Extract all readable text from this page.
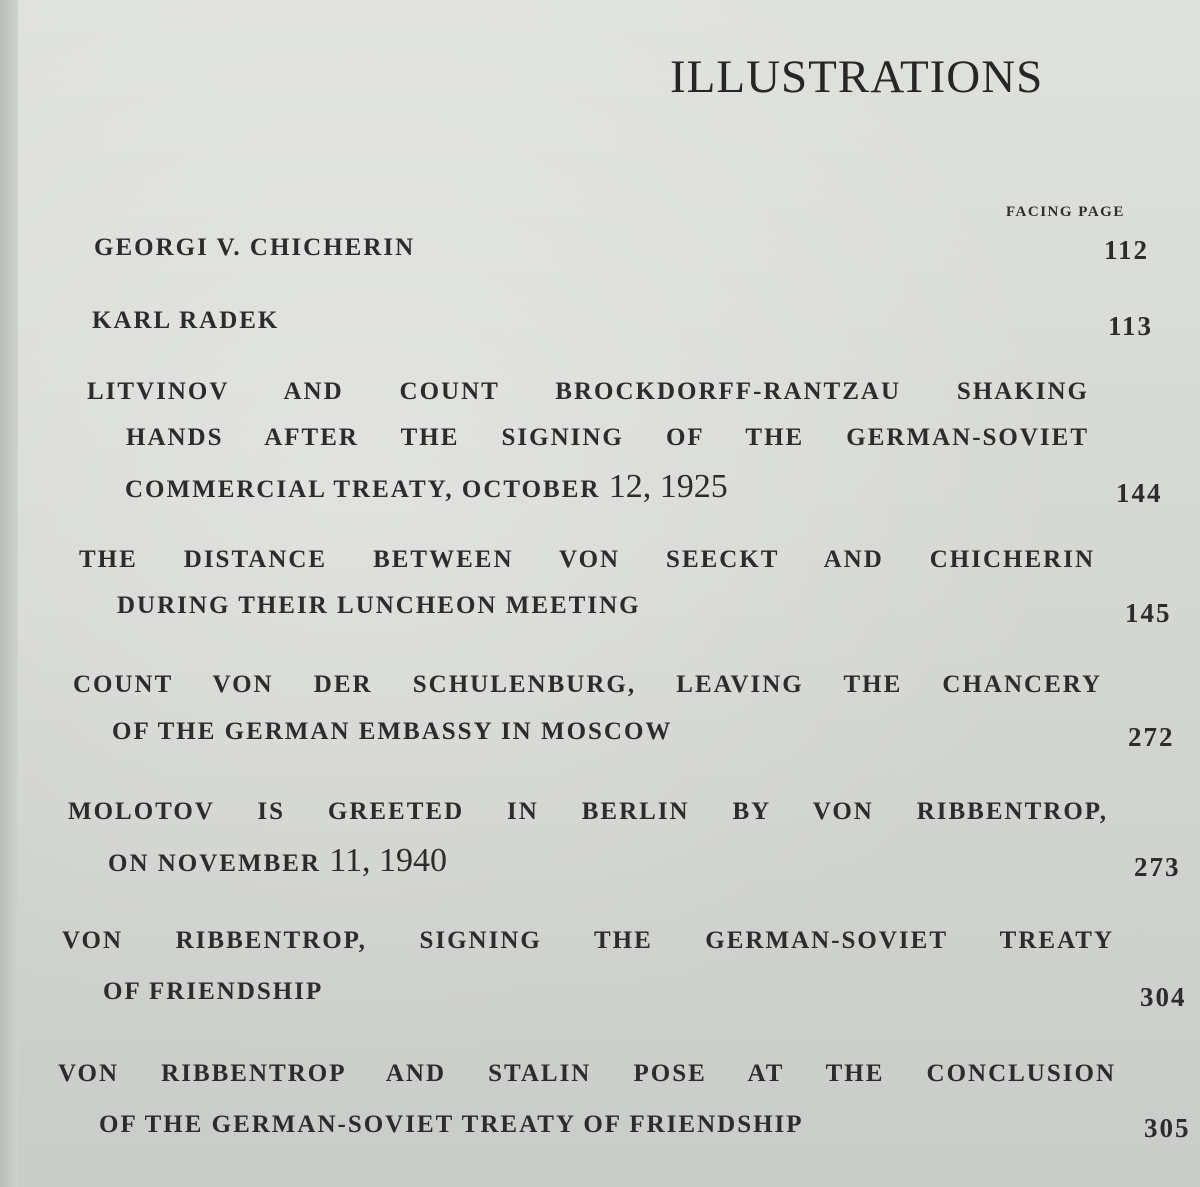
ILLUSTRATIONS
FACING PAGE
GEORGI V. CHICHERIN	112
KARL RADEK	113
LITVINOV AND COUNT BROCKDORFF-RANTZAU SHAKING
HANDS AFTER THE SIGNING OF THE GERMAN-SOVIET
COMMERCIAL TREATY, OCTOBER 12, 1925	144
THE DISTANCE BETWEEN VON SEECKT AND CHICHERIN
DURING THEIR LUNCHEON MEETING	145
COUNT VON DER SCHULENBURG, LEAVING THE CHANCERY
OF THE GERMAN EMBASSY IN MOSCOW	272
MOLOTOV IS GREETED IN BERLIN BY VON RIBBENTROP,
ON NOVEMBER 11, 1940	273
VON RIBBENTROP, SIGNING THE GERMAN-SOVIET TREATY
OF FRIENDSHIP	304
VON RIBBENTROP AND STALIN POSE AT THE CONCLUSION
OF THE GERMAN-SOVIET TREATY OF FRIENDSHIP	305
